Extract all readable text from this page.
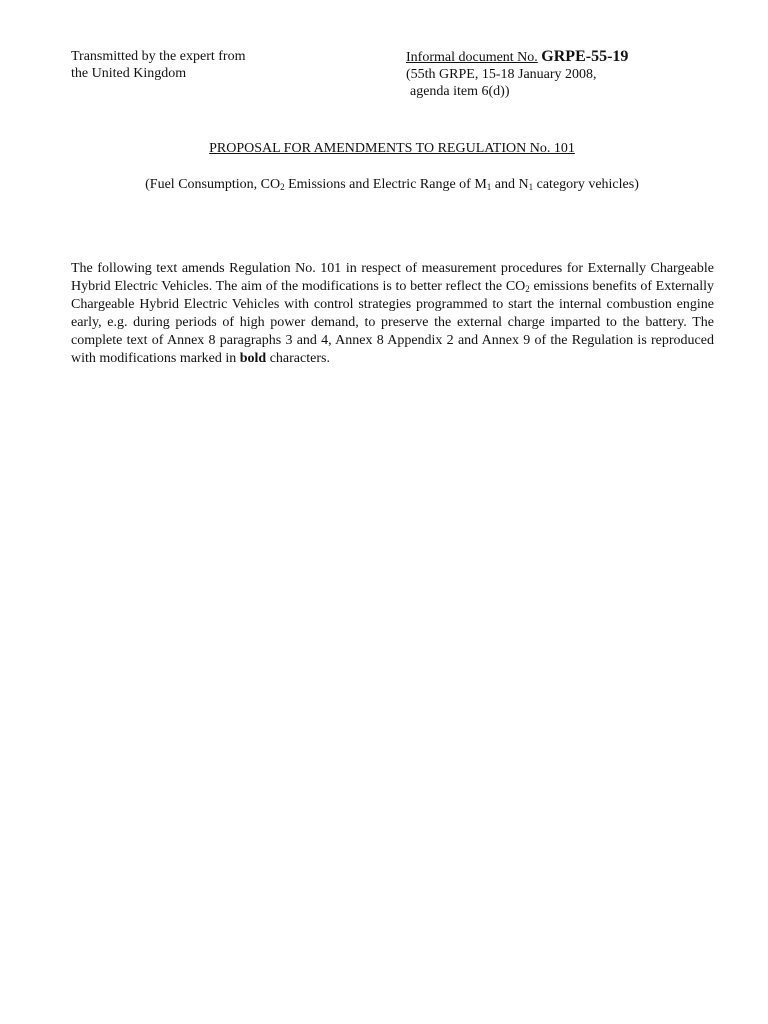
Transmitted by the expert from
the United Kingdom
Informal document No. GRPE-55-19
(55th GRPE, 15-18 January 2008,
agenda item 6(d))
PROPOSAL FOR AMENDMENTS TO REGULATION No. 101
(Fuel Consumption, $CO_2$ Emissions and Electric Range of $M_1$ and $N_1$ category vehicles)

The following text amends Regulation No. 101 in respect of measurement procedures for Externally Chargeable Hybrid Electric Vehicles. The aim of the modifications is to better reflect the $CO_2$ emissions benefits of Externally Chargeable Hybrid Electric Vehicles with control strategies programmed to start the internal combustion engine early, e.g. during periods of high power demand, to preserve the external charge imparted to the battery. The complete text of Annex 8 paragraphs 3 and 4, Annex 8 Appendix 2 and Annex 9 of the Regulation is reproduced with modifications marked in bold characters.
